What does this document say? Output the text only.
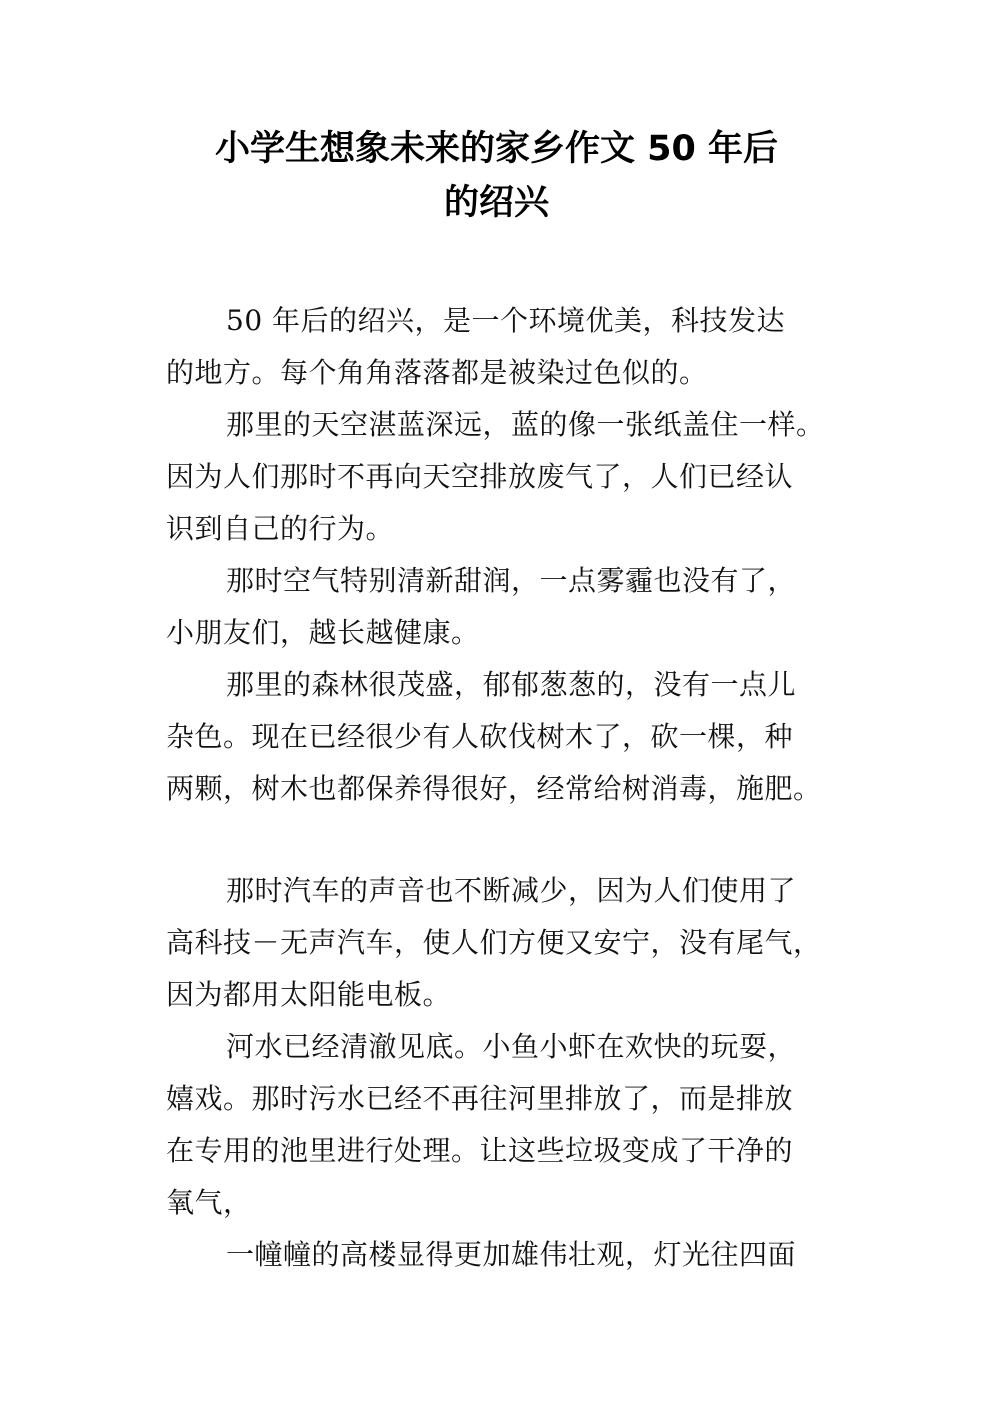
小学生想象未来的家乡作文 50 年后
的绍兴
50 年后的绍兴，是一个环境优美，科技发达
的地方。每个角角落落都是被染过色似的。
那里的天空湛蓝深远，蓝的像一张纸盖住一样。
因为人们那时不再向天空排放废气了，人们已经认
识到自己的行为。
那时空气特别清新甜润，一点雾霾也没有了，
小朋友们，越长越健康。
那里的森林很茂盛，郁郁葱葱的，没有一点儿
杂色。现在已经很少有人砍伐树木了，砍一棵，种
两颗，树木也都保养得很好，经常给树消毒，施肥。
那时汽车的声音也不断减少，因为人们使用了
高科技－无声汽车，使人们方便又安宁，没有尾气，
因为都用太阳能电板。
河水已经清澈见底。小鱼小虾在欢快的玩耍，
嬉戏。那时污水已经不再往河里排放了，而是排放
在专用的池里进行处理。让这些垃圾变成了干净的
氧气，
一幢幢的高楼显得更加雄伟壮观，灯光往四面
